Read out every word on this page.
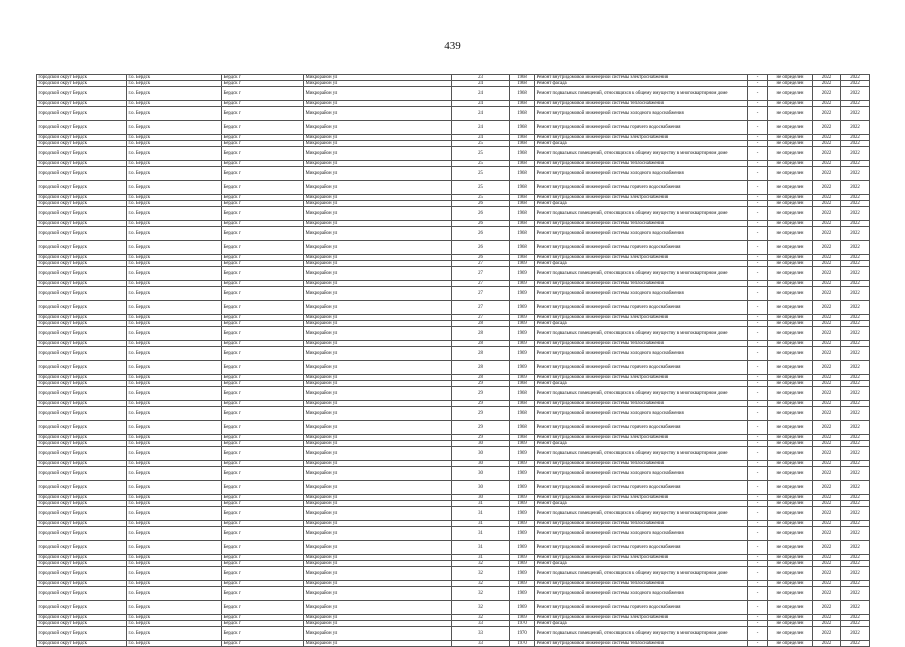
439
городской округ Бердск	г.о. Бердск	Бердск г	Микрорайон ул	23	1968	Ремонт внутридомовой инженерной системы электроснабжения	-	не определен	2022	2022
городской округ Бердск	г.о. Бердск	Бердск г	Микрорайон ул	24	1968	Ремонт фасада	-	не определен	2022	2022
городской округ Бердск	г.о. Бердск	Бердск г	Микрорайон ул	24	1968	Ремонт подвальных помещений, относящихся к общему имуществу в многоквартирном доме	-	не определен	2022	2022
городской округ Бердск	г.о. Бердск	Бердск г	Микрорайон ул	24	1968	Ремонт внутридомовой инженерной системы теплоснабжения	-	не определен	2022	2022
городской округ Бердск	г.о. Бердск	Бердск г	Микрорайон ул	24	1968	Ремонт внутридомовой инженерной системы холодного водоснабжения	-	не определен	2022	2022
городской округ Бердск	г.о. Бердск	Бердск г	Микрорайон ул	24	1968	Ремонт внутридомовой инженерной системы горячего водоснабжения	-	не определен	2022	2022
городской округ Бердск	г.о. Бердск	Бердск г	Микрорайон ул	24	1968	Ремонт внутридомовой инженерной системы электроснабжения	-	не определен	2022	2022
городской округ Бердск	г.о. Бердск	Бердск г	Микрорайон ул	25	1968	Ремонт фасада	-	не определен	2022	2022
городской округ Бердск	г.о. Бердск	Бердск г	Микрорайон ул	25	1968	Ремонт подвальных помещений, относящихся к общему имуществу в многоквартирном доме	-	не определен	2022	2022
городской округ Бердск	г.о. Бердск	Бердск г	Микрорайон ул	25	1968	Ремонт внутридомовой инженерной системы теплоснабжения	-	не определен	2022	2022
городской округ Бердск	г.о. Бердск	Бердск г	Микрорайон ул	25	1968	Ремонт внутридомовой инженерной системы холодного водоснабжения	-	не определен	2022	2022
городской округ Бердск	г.о. Бердск	Бердск г	Микрорайон ул	25	1968	Ремонт внутридомовой инженерной системы горячего водоснабжения	-	не определен	2022	2022
городской округ Бердск	г.о. Бердск	Бердск г	Микрорайон ул	25	1968	Ремонт внутридомовой инженерной системы электроснабжения	-	не определен	2022	2022
городской округ Бердск	г.о. Бердск	Бердск г	Микрорайон ул	26	1968	Ремонт фасада	-	не определен	2022	2022
городской округ Бердск	г.о. Бердск	Бердск г	Микрорайон ул	26	1968	Ремонт подвальных помещений, относящихся к общему имуществу в многоквартирном доме	-	не определен	2022	2022
городской округ Бердск	г.о. Бердск	Бердск г	Микрорайон ул	26	1968	Ремонт внутридомовой инженерной системы теплоснабжения	-	не определен	2022	2022
городской округ Бердск	г.о. Бердск	Бердск г	Микрорайон ул	26	1968	Ремонт внутридомовой инженерной системы холодного водоснабжения	-	не определен	2022	2022
городской округ Бердск	г.о. Бердск	Бердск г	Микрорайон ул	26	1968	Ремонт внутридомовой инженерной системы горячего водоснабжения	-	не определен	2022	2022
городской округ Бердск	г.о. Бердск	Бердск г	Микрорайон ул	26	1968	Ремонт внутридомовой инженерной системы электроснабжения	-	не определен	2022	2022
городской округ Бердск	г.о. Бердск	Бердск г	Микрорайон ул	27	1969	Ремонт фасада	-	не определен	2022	2022
городской округ Бердск	г.о. Бердск	Бердск г	Микрорайон ул	27	1969	Ремонт подвальных помещений, относящихся к общему имуществу в многоквартирном доме	-	не определен	2022	2022
городской округ Бердск	г.о. Бердск	Бердск г	Микрорайон ул	27	1969	Ремонт внутридомовой инженерной системы теплоснабжения	-	не определен	2022	2022
городской округ Бердск	г.о. Бердск	Бердск г	Микрорайон ул	27	1969	Ремонт внутридомовой инженерной системы холодного водоснабжения	-	не определен	2022	2022
городской округ Бердск	г.о. Бердск	Бердск г	Микрорайон ул	27	1969	Ремонт внутридомовой инженерной системы горячего водоснабжения	-	не определен	2022	2022
городской округ Бердск	г.о. Бердск	Бердск г	Микрорайон ул	27	1969	Ремонт внутридомовой инженерной системы электроснабжения	-	не определен	2022	2022
городской округ Бердск	г.о. Бердск	Бердск г	Микрорайон ул	28	1969	Ремонт фасада	-	не определен	2022	2022
городской округ Бердск	г.о. Бердск	Бердск г	Микрорайон ул	28	1969	Ремонт подвальных помещений, относящихся к общему имуществу в многоквартирном доме	-	не определен	2022	2022
городской округ Бердск	г.о. Бердск	Бердск г	Микрорайон ул	28	1969	Ремонт внутридомовой инженерной системы теплоснабжения	-	не определен	2022	2022
городской округ Бердск	г.о. Бердск	Бердск г	Микрорайон ул	28	1969	Ремонт внутридомовой инженерной системы холодного водоснабжения	-	не определен	2022	2022
городской округ Бердск	г.о. Бердск	Бердск г	Микрорайон ул	28	1969	Ремонт внутридомовой инженерной системы горячего водоснабжения	-	не определен	2022	2022
городской округ Бердск	г.о. Бердск	Бердск г	Микрорайон ул	28	1969	Ремонт внутридомовой инженерной системы электроснабжения	-	не определен	2022	2022
городской округ Бердск	г.о. Бердск	Бердск г	Микрорайон ул	29	1968	Ремонт фасада	-	не определен	2022	2022
городской округ Бердск	г.о. Бердск	Бердск г	Микрорайон ул	29	1968	Ремонт подвальных помещений, относящихся к общему имуществу в многоквартирном доме	-	не определен	2022	2022
городской округ Бердск	г.о. Бердск	Бердск г	Микрорайон ул	29	1968	Ремонт внутридомовой инженерной системы теплоснабжения	-	не определен	2022	2022
городской округ Бердск	г.о. Бердск	Бердск г	Микрорайон ул	29	1968	Ремонт внутридомовой инженерной системы холодного водоснабжения	-	не определен	2022	2022
городской округ Бердск	г.о. Бердск	Бердск г	Микрорайон ул	29	1968	Ремонт внутридомовой инженерной системы горячего водоснабжения	-	не определен	2022	2022
городской округ Бердск	г.о. Бердск	Бердск г	Микрорайон ул	29	1968	Ремонт внутридомовой инженерной системы электроснабжения	-	не определен	2022	2022
городской округ Бердск	г.о. Бердск	Бердск г	Микрорайон ул	30	1969	Ремонт фасада	-	не определен	2022	2022
городской округ Бердск	г.о. Бердск	Бердск г	Микрорайон ул	30	1969	Ремонт подвальных помещений, относящихся к общему имуществу в многоквартирном доме	-	не определен	2022	2022
городской округ Бердск	г.о. Бердск	Бердск г	Микрорайон ул	30	1969	Ремонт внутридомовой инженерной системы теплоснабжения	-	не определен	2022	2022
городской округ Бердск	г.о. Бердск	Бердск г	Микрорайон ул	30	1969	Ремонт внутридомовой инженерной системы холодного водоснабжения	-	не определен	2022	2022
городской округ Бердск	г.о. Бердск	Бердск г	Микрорайон ул	30	1969	Ремонт внутридомовой инженерной системы горячего водоснабжения	-	не определен	2022	2022
городской округ Бердск	г.о. Бердск	Бердск г	Микрорайон ул	30	1969	Ремонт внутридомовой инженерной системы электроснабжения	-	не определен	2022	2022
городской округ Бердск	г.о. Бердск	Бердск г	Микрорайон ул	31	1969	Ремонт фасада	-	не определен	2022	2022
городской округ Бердск	г.о. Бердск	Бердск г	Микрорайон ул	31	1969	Ремонт подвальных помещений, относящихся к общему имуществу в многоквартирном доме	-	не определен	2022	2022
городской округ Бердск	г.о. Бердск	Бердск г	Микрорайон ул	31	1969	Ремонт внутридомовой инженерной системы теплоснабжения	-	не определен	2022	2022
городской округ Бердск	г.о. Бердск	Бердск г	Микрорайон ул	31	1969	Ремонт внутридомовой инженерной системы холодного водоснабжения	-	не определен	2022	2022
городской округ Бердск	г.о. Бердск	Бердск г	Микрорайон ул	31	1969	Ремонт внутридомовой инженерной системы горячего водоснабжения	-	не определен	2022	2022
городской округ Бердск	г.о. Бердск	Бердск г	Микрорайон ул	31	1969	Ремонт внутридомовой инженерной системы электроснабжения	-	не определен	2022	2022
городской округ Бердск	г.о. Бердск	Бердск г	Микрорайон ул	32	1969	Ремонт фасада	-	не определен	2022	2022
городской округ Бердск	г.о. Бердск	Бердск г	Микрорайон ул	32	1969	Ремонт подвальных помещений, относящихся к общему имуществу в многоквартирном доме	-	не определен	2022	2022
городской округ Бердск	г.о. Бердск	Бердск г	Микрорайон ул	32	1969	Ремонт внутридомовой инженерной системы теплоснабжения	-	не определен	2022	2022
городской округ Бердск	г.о. Бердск	Бердск г	Микрорайон ул	32	1969	Ремонт внутридомовой инженерной системы холодного водоснабжения	-	не определен	2022	2022
городской округ Бердск	г.о. Бердск	Бердск г	Микрорайон ул	32	1969	Ремонт внутридомовой инженерной системы горячего водоснабжения	-	не определен	2022	2022
городской округ Бердск	г.о. Бердск	Бердск г	Микрорайон ул	32	1969	Ремонт внутридомовой инженерной системы электроснабжения	-	не определен	2022	2022
городской округ Бердск	г.о. Бердск	Бердск г	Микрорайон ул	33	1970	Ремонт фасада	-	не определен	2022	2022
городской округ Бердск	г.о. Бердск	Бердск г	Микрорайон ул	33	1970	Ремонт подвальных помещений, относящихся к общему имуществу в многоквартирном доме	-	не определен	2022	2022
городской округ Бердск	г.о. Бердск	Бердск г	Микрорайон ул	33	1970	Ремонт внутридомовой инженерной системы теплоснабжения	-	не определен	2022	2022
